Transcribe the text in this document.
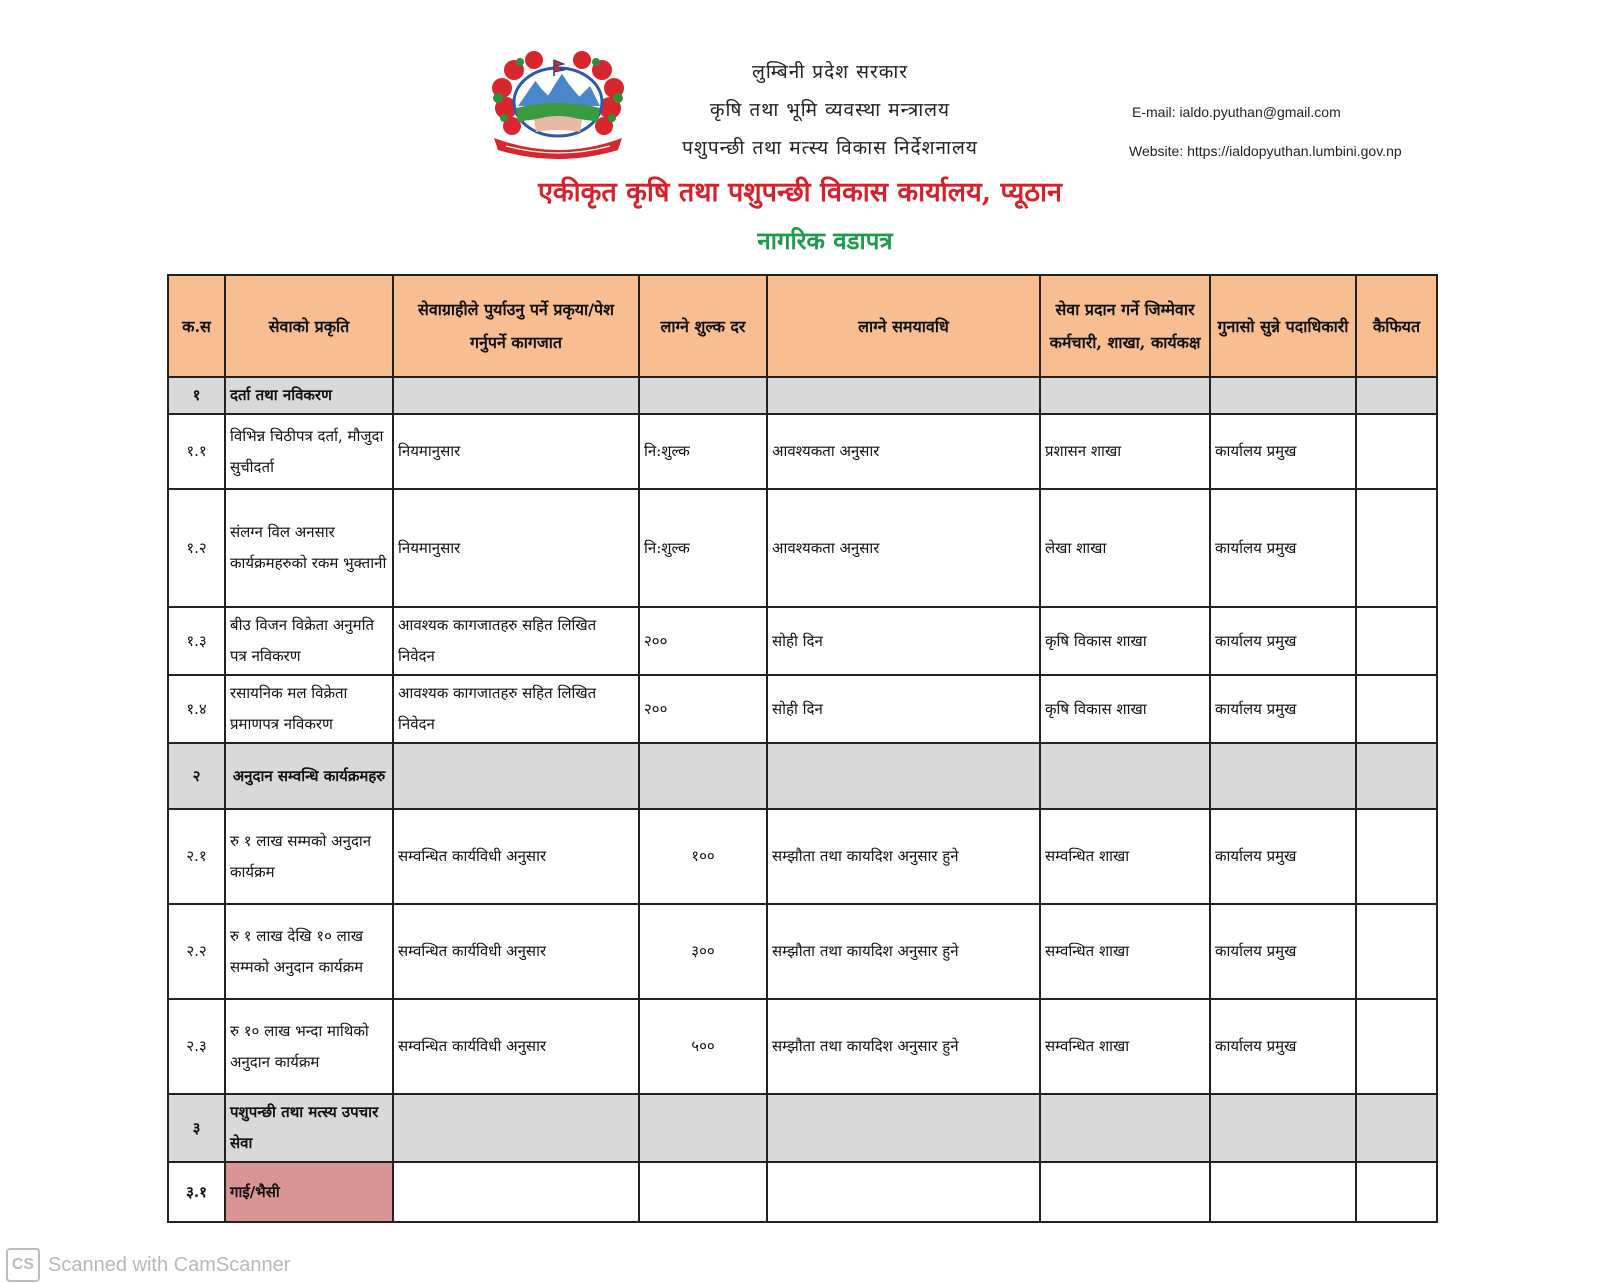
लुम्बिनी प्रदेश सरकार
कृषि तथा भूमि व्यवस्था मन्त्रालय
पशुपन्छी तथा मत्स्य विकास निर्देशनालय
E-mail: ialdo.pyuthan@gmail.com
Website: https://ialdopyuthan.lumbini.gov.np
एकीकृत कृषि तथा पशुपन्छी विकास कार्यालय, प्यूठान
नागरिक वडापत्र
क.स	सेवाको प्रकृति	सेवाग्राहीले पुर्याउनु पर्ने प्रकृया/पेश गर्नुपर्ने कागजात	लाग्ने शुल्क दर	लाग्ने समयावधि	सेवा प्रदान गर्ने जिम्मेवार कर्मचारी, शाखा, कार्यकक्ष	गुनासो सुन्ने पदाधिकारी	कैफियत
१	दर्ता तथा नविकरण						
१.१	विभिन्न चिठीपत्र दर्ता, मौजुदा सुचीदर्ता	नियमानुसार	नि:शुल्क	आवश्यकता अनुसार	प्रशासन शाखा	कार्यालय प्रमुख	
१.२	संलग्न विल अनसार कार्यक्रमहरुको रकम भुक्तानी	नियमानुसार	नि:शुल्क	आवश्यकता अनुसार	लेखा शाखा	कार्यालय प्रमुख	
१.३	बीउ विजन विक्रेता अनुमति पत्र नविकरण	आवश्यक कागजातहरु सहित लिखित निवेदन	२००	सोही दिन	कृषि विकास शाखा	कार्यालय प्रमुख	
१.४	रसायनिक मल विक्रेता प्रमाणपत्र नविकरण	आवश्यक कागजातहरु सहित लिखित निवेदन	२००	सोही दिन	कृषि विकास शाखा	कार्यालय प्रमुख	
२	अनुदान सम्वन्धि कार्यक्रमहरु						
२.१	रु १ लाख सम्मको अनुदान कार्यक्रम	सम्वन्धित कार्यविधी अनुसार	१००	सम्झौता तथा कायदिश अनुसार हुने	सम्वन्धित शाखा	कार्यालय प्रमुख	
२.२	रु १ लाख देखि १० लाख सम्मको अनुदान कार्यक्रम	सम्वन्धित कार्यविधी अनुसार	३००	सम्झौता तथा कायदिश अनुसार हुने	सम्वन्धित शाखा	कार्यालय प्रमुख	
२.३	रु १० लाख भन्दा माथिको अनुदान कार्यक्रम	सम्वन्धित कार्यविधी अनुसार	५००	सम्झौता तथा कायदिश अनुसार हुने	सम्वन्धित शाखा	कार्यालय प्रमुख	
३	पशुपन्छी तथा मत्स्य उपचार सेवा						
३.१	गाई/भैसी						
CS Scanned with CamScanner
